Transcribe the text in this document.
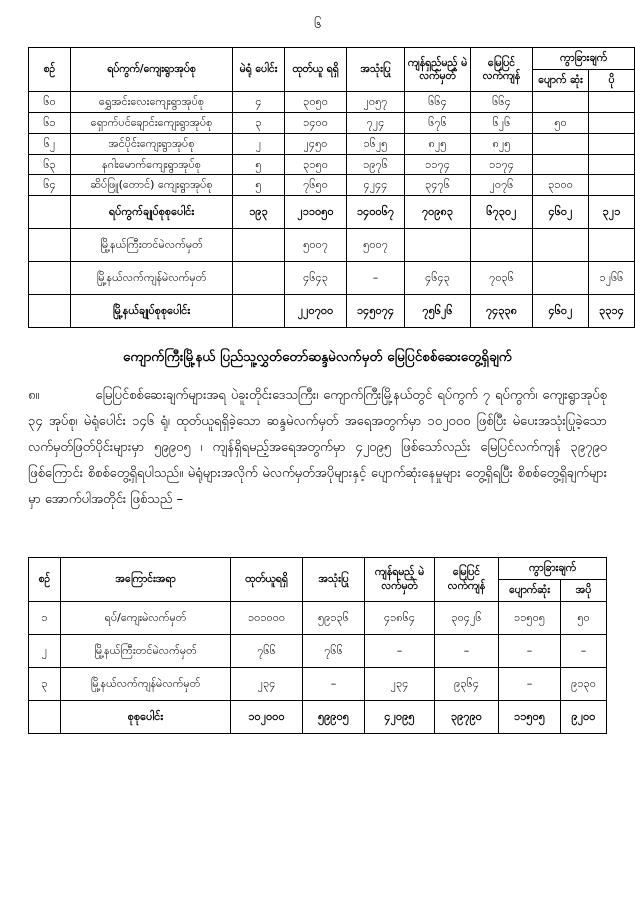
၆
စဉ်	ရပ်ကွက်/ကျေးရွာအုပ်စု	မဲရုံ ပေါင်း	ထုတ်ယူ ရရှိ	အသုံးပြု	ကျန်ရှည်မည့် မဲလက်မှတ်	မြေပြင် လက်ကျန်	ကွာခြားချက်	
							ပျောက် ဆုံး	ပို
၆၀	ရွှေအင်းလေးကျေးရွာအုပ်စု	၄	၃၀၅၀	၂၀၅၇	၆၆၄	၆၆၄		
၆၁	ရှောက်ပင်ချောင်းကျေးရွာအုပ်စု	၃	၁၄၀၀	၇၂၄	၆၇၆	၆၂၆	၅၀	
၆၂	အင်ပိုင်းကျေးရွာအုပ်စု	၂	၂၄၅၀	၁၆၂၅	၈၂၅	၈၂၅		
၆၃	နဂါးမောက်ကျေးရွာအုပ်စု	၅	၃၁၅၀	၁၉၇၆	၁၁၇၄	၁၁၇၄		
၆၄	ဆိပ်ဖြူ(တောင်) ကျေးရွာအုပ်စု	၅	၇၆၅၀	၄၂၄၄	၃၄၇၆	၂၀၇၆	၃၁၀၀	
	ရပ်ကွက်ချုပ်စုစုပေါင်း	၁၉၃	၂၁၁၀၅၀	၁၄၀၀၆၇	၇၀၉၈၃	၆၇၃၀၂	၄၆၀၂	၃၂၁
	မြို့နယ်ကြီးတင်မဲလက်မှတ်		၅၀၀၇	၅၀၀၇				
	မြို့နယ်လက်ကျန်မဲလက်မှတ်		၄၆၄၃	–	၄၆၄၃	၇၀၃၆		၁၂၆၆
	မြို့နယ်ချုပ်စုစုပေါင်း		၂၂၀၇၀၀	၁၄၅၀၇၄	၇၅၆၂၆	၇၄၃၃၈	၄၆၀၂	၃၃၁၄
ကျောက်ကြီးမြို့နယ် ပြည်သူ့လွှတ်တော်ဆန္ဒမဲလက်မှတ် မြေပြင်စစ်ဆေးတွေ့ရှိချက်
၈။	မြေပြင်စစ်ဆေးချက်များအရ ပဲခူးတိုင်းဒေသကြီး၊ ကျောက်ကြီးမြို့နယ်တွင် ရပ်ကွက် ၇ ရပ်ကွက်၊ ကျေးရွာအုပ်စု ၃၄ အုပ်စု၊ မဲရုံပေါင်း ၁၄၆ ရုံ၊ ထုတ်ယူရရှိခဲ့သော ဆန္ဒမဲလက်မှတ် အရေအတွက်မှာ ၁၀၂၀၀၀ ဖြစ်ပြီး မဲပေးအသုံးပြုခဲ့သော လက်မှတ်ဖြတ်ပိုင်းများမှာ ၅၉၉၀၅ ၊ ကျန်ရှိရမည့်အရေအတွက်မှာ ၄၂၀၉၅ ဖြစ်သော်လည်း မြေပြင်လက်ကျန် ၃၉၇၉၀ ဖြစ်ကြောင်း စိစစ်တွေ့ရှိရပါသည်။ မဲရုံများအလိုက် မဲလက်မှတ်အပိုများနှင့် ပျောက်ဆုံးနေမှုများ တွေ့ရှိရပြီး စိစစ်တွေ့ရှိချက်များမှာ အောက်ပါအတိုင်း ဖြစ်သည် –
စဉ်	အကြောင်းအရာ	ထုတ်ယူရရှိ	အသုံးပြု	ကျန်ရမည့် မဲလက်မှတ်	မြေပြင် လက်ကျန်	ကွာခြားချက်	
						ပျောက်ဆုံး	အပို
၁	ရပ်/ကျေးမဲလက်မှတ်	၁၀၁၀၀၀	၅၉၁၃၆	၄၁၈၆၄	၃၀၄၂၆	၁၁၅၀၅	၅၀
၂	မြို့နယ်ကြီးတင်မဲလက်မှတ်	၇၆၆	၇၆၆	–	–	–	–
၃	မြို့နယ်လက်ကျန်မဲလက်မှတ်	၂၃၄	–	၂၃၄	၉၃၆၄	–	၉၁၃၀
	စုစုပေါင်း	၁၀၂၀၀၀	၅၉၉၀၅	၄၂၀၉၅	၃၉၇၉၀	၁၁၅၀၅	၉၂၀၀
